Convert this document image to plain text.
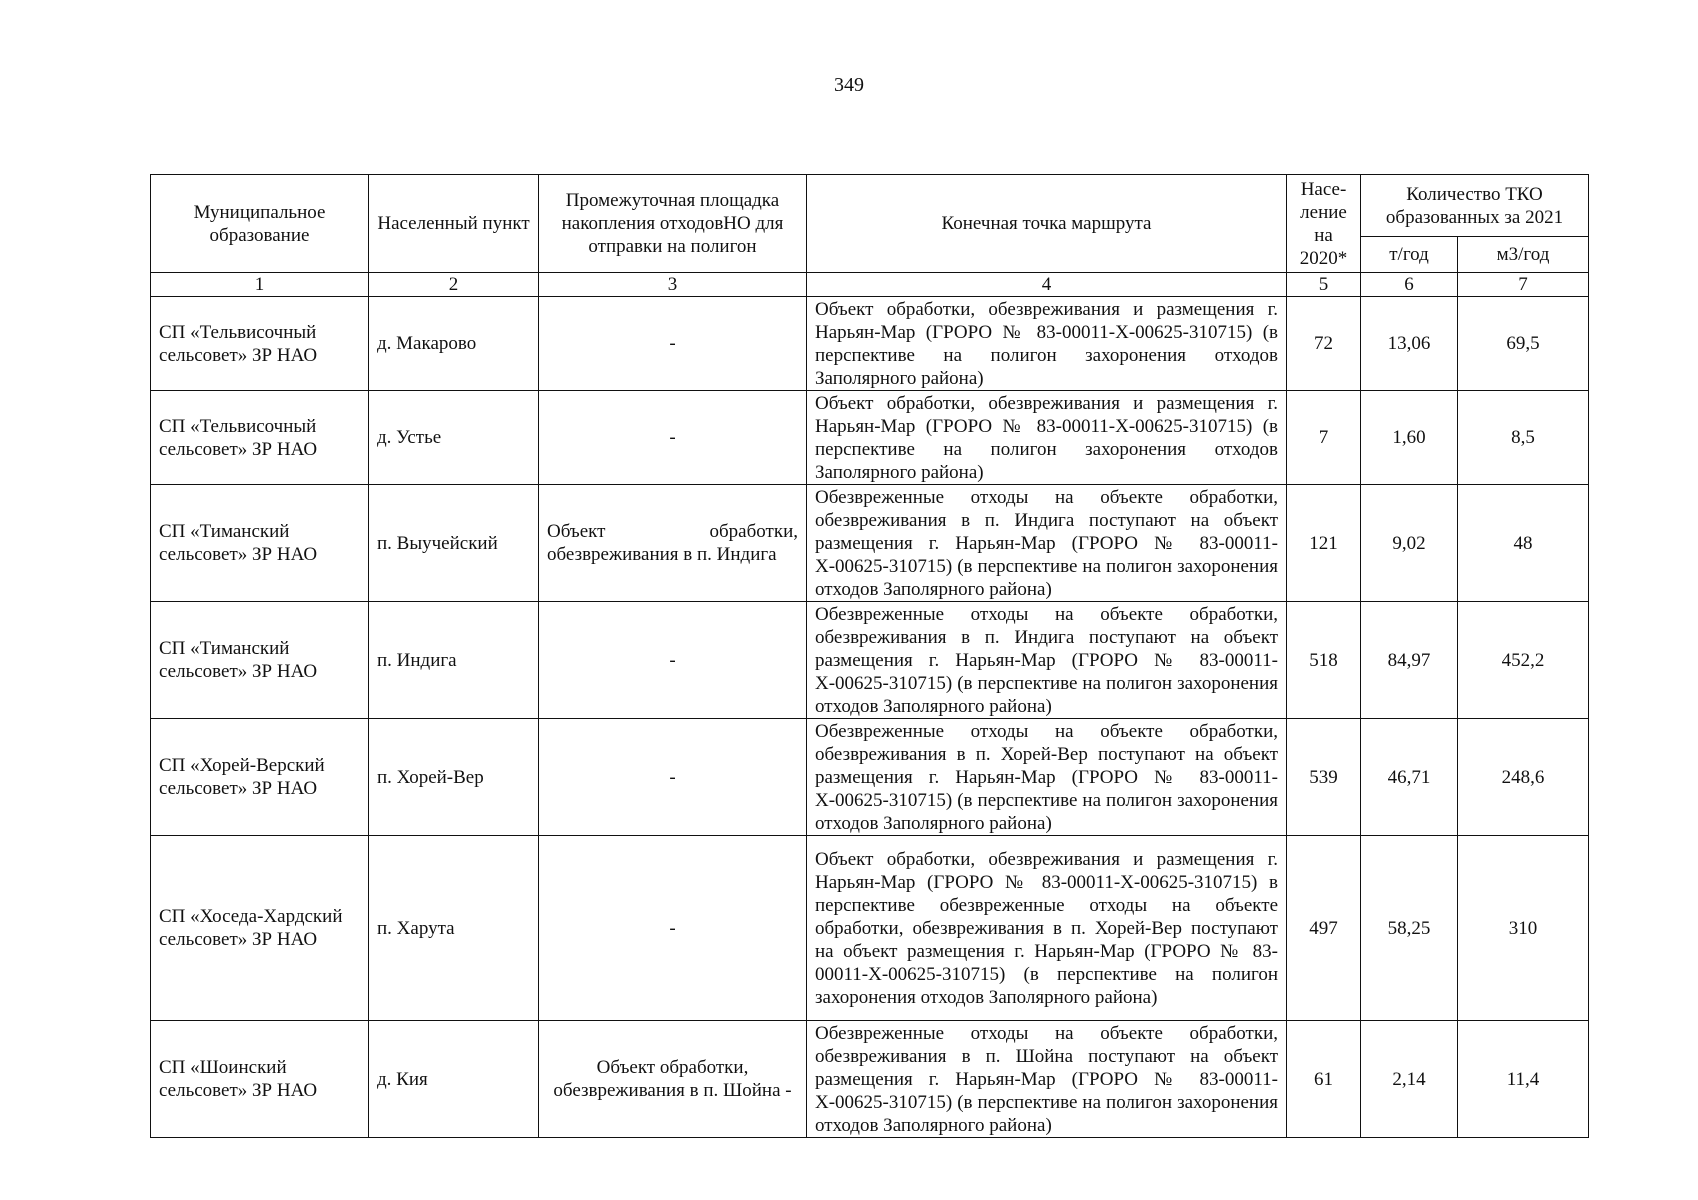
349
Муниципальное образование	Населенный пункт	Промежуточная площадка накопления отходовНО для отправки на полигон	Конечная точка маршрута	Насе-ление на 2020*	Количество ТКО образованных за 2021	
					т/год	м3/год
1	2	3	4	5	6	7
СП «Тельвисочный сельсовет» ЗР НАО	д. Макарово	-	Объект обработки, обезвреживания и размещения г. Нарьян-Мар (ГРОРО № 83-00011-Х-00625-310715) (в перспективе на полигон захоронения отходов Заполярного района)	72	13,06	69,5
СП «Тельвисочный сельсовет» ЗР НАО	д. Устье	-	Объект обработки, обезвреживания и размещения г. Нарьян-Мар (ГРОРО № 83-00011-Х-00625-310715) (в перспективе на полигон захоронения отходов Заполярного района)	7	1,60	8,5
СП «Тиманский сельсовет» ЗР НАО	п. Выучейский	Объект обработки, обезвреживания в п. Индига	Обезвреженные отходы на объекте обработки, обезвреживания в п. Индига поступают на объект размещения г. Нарьян-Мар (ГРОРО № 83-00011-Х-00625-310715) (в перспективе на полигон захоронения отходов Заполярного района)	121	9,02	48
СП «Тиманский сельсовет» ЗР НАО	п. Индига	-	Обезвреженные отходы на объекте обработки, обезвреживания в п. Индига поступают на объект размещения г. Нарьян-Мар (ГРОРО № 83-00011-Х-00625-310715) (в перспективе на полигон захоронения отходов Заполярного района)	518	84,97	452,2
СП «Хорей-Верский сельсовет» ЗР НАО	п. Хорей-Вер	-	Обезвреженные отходы на объекте обработки, обезвреживания в п. Хорей-Вер поступают на объект размещения г. Нарьян-Мар (ГРОРО № 83-00011-Х-00625-310715) (в перспективе на полигон захоронения отходов Заполярного района)	539	46,71	248,6
СП «Хоседа-Хардский сельсовет» ЗР НАО	п. Харута	-	Объект обработки, обезвреживания и размещения г. Нарьян-Мар (ГРОРО № 83-00011-Х-00625-310715) в перспективе обезвреженные отходы на объекте обработки, обезвреживания в п. Хорей-Вер поступают на объект размещения г. Нарьян-Мар (ГРОРО № 83-00011-Х-00625-310715) (в перспективе на полигон захоронения отходов Заполярного района)	497	58,25	310
СП «Шоинский сельсовет» ЗР НАО	д. Кия	Объект обработки, обезвреживания в п. Шойна -	Обезвреженные отходы на объекте обработки, обезвреживания в п. Шойна поступают на объект размещения г. Нарьян-Мар (ГРОРО № 83-00011-Х-00625-310715) (в перспективе на полигон захоронения отходов Заполярного района)	61	2,14	11,4
